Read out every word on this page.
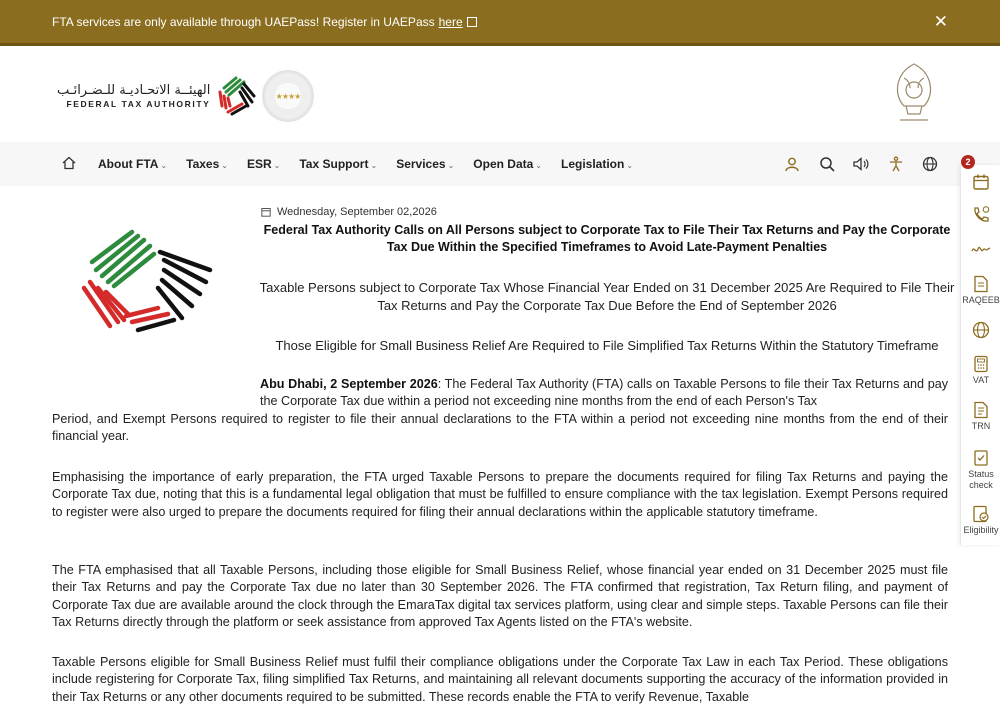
FTA services are only available through UAEPass! Register in UAEPass here	✕
الهيئــة الاتحـاديـة للـضـرائـب
FEDERAL TAX AUTHORITY
★★★★
About FTA ⌄ Taxes ⌄ ESR ⌄ Tax Support ⌄ Services ⌄ Open Data ⌄ Legislation ⌄	2
RAQEEB
VAT
TRN
Status check
Eligibility
Wednesday, September 02,2026
Federal Tax Authority Calls on All Persons subject to Corporate Tax to File Their Tax Returns and Pay the Corporate Tax Due Within the Specified Timeframes to Avoid Late-Payment Penalties
Taxable Persons subject to Corporate Tax Whose Financial Year Ended on 31 December 2025 Are Required to File Their Tax Returns and Pay the Corporate Tax Due Before the End of September 2026
Those Eligible for Small Business Relief Are Required to File Simplified Tax Returns Within the Statutory Timeframe
Abu Dhabi, 2 September 2026: The Federal Tax Authority (FTA) calls on Taxable Persons to file their Tax Returns and pay the Corporate Tax due within a period not exceeding nine months from the end of each Person's Tax
Period, and Exempt Persons required to register to file their annual declarations to the FTA within a period not exceeding nine months from the end of their financial year.
Emphasising the importance of early preparation, the FTA urged Taxable Persons to prepare the documents required for filing Tax Returns and paying the Corporate Tax due, noting that this is a fundamental legal obligation that must be fulfilled to ensure compliance with the tax legislation. Exempt Persons required to register were also urged to prepare the documents required for filing their annual declarations within the applicable statutory timeframe.
The FTA emphasised that all Taxable Persons, including those eligible for Small Business Relief, whose financial year ended on 31 December 2025 must file their Tax Returns and pay the Corporate Tax due no later than 30 September 2026. The FTA confirmed that registration, Tax Return filing, and payment of Corporate Tax due are available around the clock through the EmaraTax digital tax services platform, using clear and simple steps. Taxable Persons can file their Tax Returns directly through the platform or seek assistance from approved Tax Agents listed on the FTA's website.
Taxable Persons eligible for Small Business Relief must fulfil their compliance obligations under the Corporate Tax Law in each Tax Period. These obligations include registering for Corporate Tax, filing simplified Tax Returns, and maintaining all relevant documents supporting the accuracy of the information provided in their Tax Returns or any other documents required to be submitted. These records enable the FTA to verify Revenue, Taxable
